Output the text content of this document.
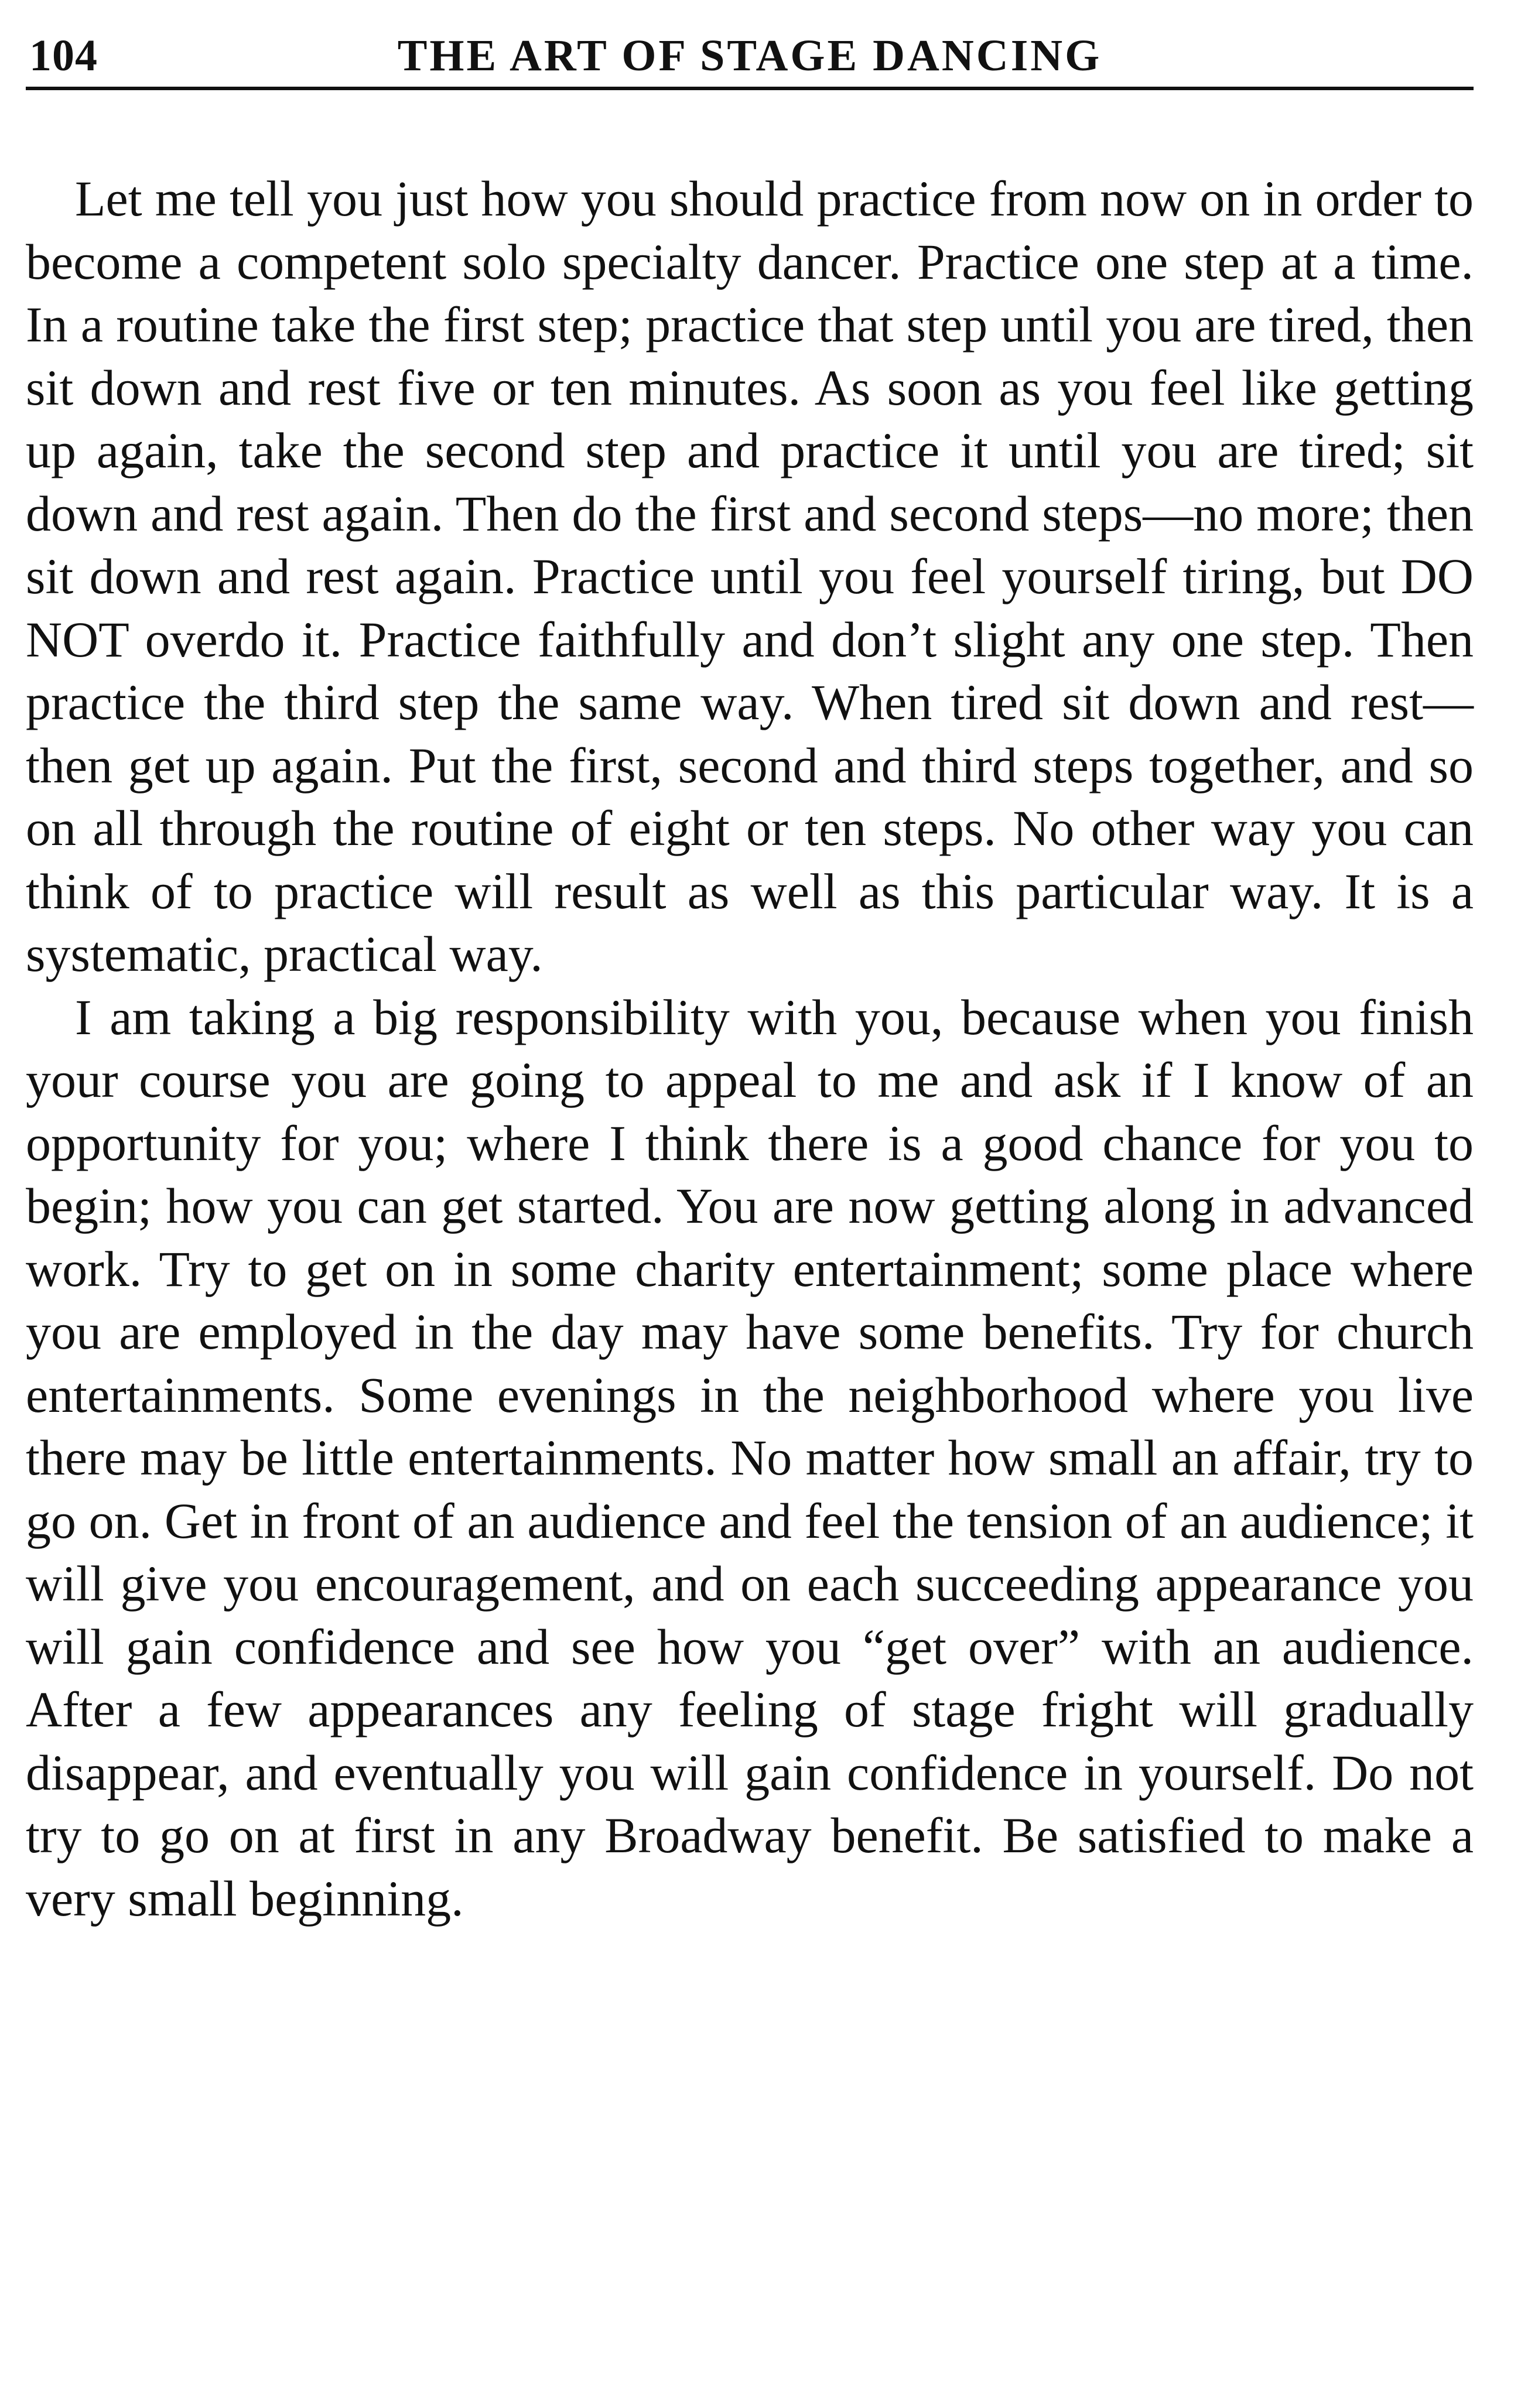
104	THE ART OF STAGE DANCING

Let me tell you just how you should practice from now on in order to become a competent solo specialty dancer. Practice one step at a time. In a routine take the first step; practice that step until you are tired, then sit down and rest five or ten minutes. As soon as you feel like getting up again, take the second step and practice it until you are tired; sit down and rest again. Then do the first and second steps—no more; then sit down and rest again. Practice until you feel yourself tiring, but DO NOT overdo it. Practice faithfully and don’t slight any one step. Then practice the third step the same way. When tired sit down and rest—then get up again. Put the first, second and third steps together, and so on all through the routine of eight or ten steps. No other way you can think of to practice will result as well as this particular way. It is a systematic, practical way.

I am taking a big responsibility with you, because when you finish your course you are going to appeal to me and ask if I know of an opportunity for you; where I think there is a good chance for you to begin; how you can get started. You are now getting along in advanced work. Try to get on in some charity entertainment; some place where you are employed in the day may have some benefits. Try for church entertainments. Some evenings in the neighborhood where you live there may be little entertainments. No matter how small an affair, try to go on. Get in front of an audience and feel the tension of an audience; it will give you encouragement, and on each succeeding appearance you will gain confidence and see how you “get over” with an audience. After a few appearances any feeling of stage fright will gradually disappear, and eventually you will gain confidence in yourself. Do not try to go on at first in any Broadway benefit. Be satisfied to make a very small beginning.
